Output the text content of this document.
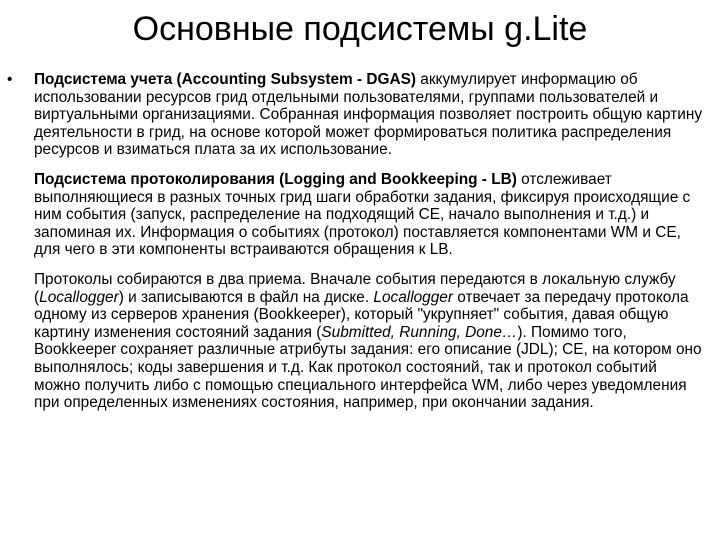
Основные подсистемы g.Lite

• Подсистема учета (Accounting Subsystem - DGAS) аккумулирует информацию об использовании ресурсов грид отдельными пользователями, группами пользователей и виртуальными организациями. Собранная информация позволяет построить общую картину деятельности в грид, на основе которой может формироваться политика распределения ресурсов и взиматься плата за их использование.

Подсистема протоколирования (Logging and Bookkeeping - LB) отслеживает выполняющиеся в разных точных грид шаги обработки задания, фиксируя происходящие с ним события (запуск, распределение на подходящий CE, начало выполнения и т.д.) и запоминая их. Информация о событиях (протокол) поставляется компонентами WM и CE, для чего в эти компоненты встраиваются обращения к LB.

Протоколы собираются в два приема. Вначале события передаются в локальную службу (Locallogger) и записываются в файл на диске. Locallogger отвечает за передачу протокола одному из серверов хранения (Bookkeeper), который "укрупняет" события, давая общую картину изменения состояний задания (Submitted, Running, Done…). Помимо того, Bookkeeper сохраняет различные атрибуты задания: его описание (JDL); CE, на котором оно выполнялось; коды завершения и т.д. Как протокол состояний, так и протокол событий можно получить либо с помощью специального интерфейса WM, либо через уведомления при определенных изменениях состояния, например, при окончании задания.
